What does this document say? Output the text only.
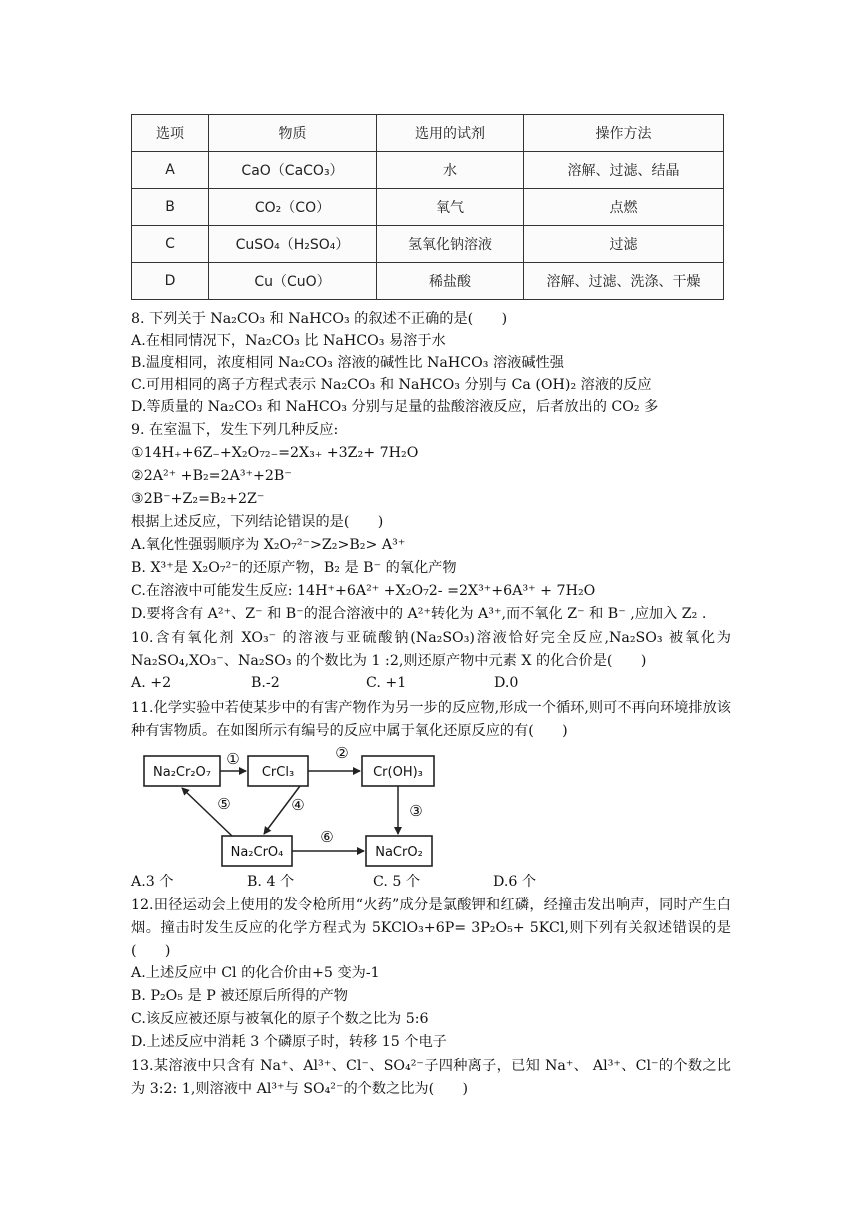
选项	物质	选用的试剂	操作方法
A	CaO（CaCO₃）	水	溶解、过滤、结晶
B	CO₂（CO）	氧气	点燃
C	CuSO₄（H₂SO₄）	氢氧化钠溶液	过滤
D	Cu（CuO）	稀盐酸	溶解、过滤、洗涤、干燥
8. 下列关于 Na₂CO₃ 和 NaHCO₃ 的叙述不正确的是(　　)
A.在相同情况下，Na₂CO₃ 比 NaHCO₃ 易溶于水
B.温度相同，浓度相同 Na₂CO₃ 溶液的碱性比 NaHCO₃ 溶液碱性强
C.可用相同的离子方程式表示 Na₂CO₃ 和 NaHCO₃ 分别与 Ca (OH)₂ 溶液的反应
D.等质量的 Na₂CO₃ 和 NaHCO₃ 分别与足量的盐酸溶液反应，后者放出的 CO₂ 多
9. 在室温下，发生下列几种反应:
①14H₊+6Z₋+X₂O₇₂₋=2X₃₊ +3Z₂+ 7H₂O
②2A²⁺ +B₂=2A³⁺+2B⁻
③2B⁻+Z₂=B₂+2Z⁻
根据上述反应，下列结论错误的是(　　)
A.氧化性强弱顺序为 X₂O₇²⁻>Z₂>B₂> A³⁺
B. X³⁺是 X₂O₇²⁻的还原产物，B₂ 是 B⁻ 的氧化产物
C.在溶液中可能发生反应: 14H⁺+6A²⁺ +X₂O₇2- =2X³⁺+6A³⁺ + 7H₂O
D.要将含有 A²⁺、Z⁻ 和 B⁻的混合溶液中的 A²⁺转化为 A³⁺,而不氧化 Z⁻ 和 B⁻ ,应加入 Z₂ .
10.含有氧化剂 XO₃⁻ 的溶液与亚硫酸钠(Na₂SO₃)溶液恰好完全反应,Na₂SO₃ 被氧化为 Na₂SO₄,XO₃⁻、Na₂SO₃ 的个数比为 1 :2,则还原产物中元素 X 的化合价是(　　)
A. +2	B.-2	C. +1	D.0
11.化学实验中若使某步中的有害产物作为另一步的反应物,形成一个循环,则可不再向环境排放该种有害物质。在如图所示有编号的反应中属于氧化还原反应的有(　　)
Na₂Cr₂O₇	CrCl₃	Cr(OH)₃
Na₂CrO₄	NaCrO₂
①	②
③
④
⑤
⑥
A.3 个	B. 4 个	C. 5 个	D.6 个
12.田径运动会上使用的发令枪所用“火药”成分是氯酸钾和红磷，经撞击发出响声，同时产生白烟。撞击时发生反应的化学方程式为 5KClO₃+6P= 3P₂O₅+ 5KCl,则下列有关叙述错误的是(　　)
A.上述反应中 Cl 的化合价由+5 变为-1
B. P₂O₅ 是 P 被还原后所得的产物
C.该反应被还原与被氧化的原子个数之比为 5:6
D.上述反应中消耗 3 个磷原子时，转移 15 个电子
13.某溶液中只含有 Na⁺、Al³⁺、Cl⁻、SO₄²⁻子四种离子，已知 Na⁺、 Al³⁺、Cl⁻的个数之比为 3:2: 1,则溶液中 Al³⁺与 SO₄²⁻的个数之比为(　　)
